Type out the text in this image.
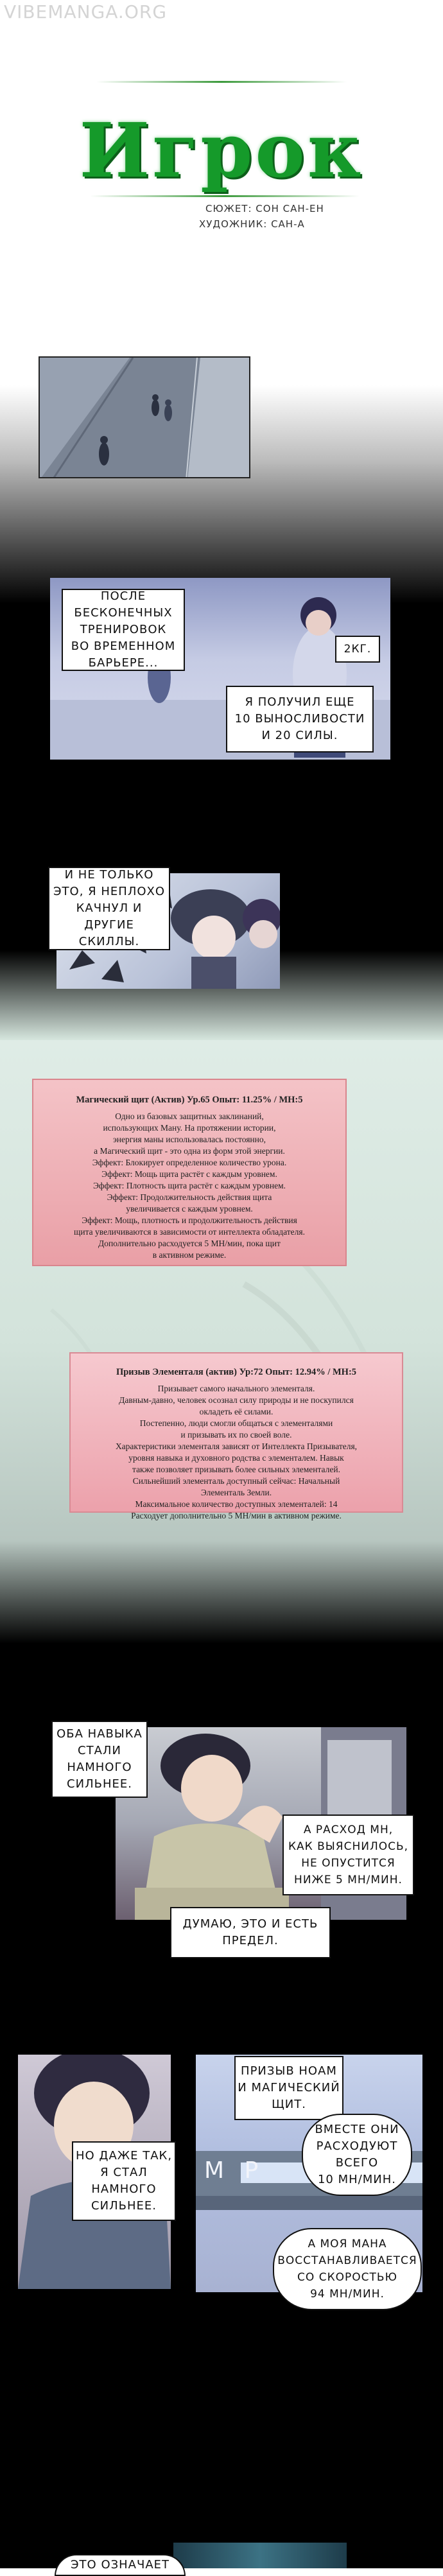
VIBEMANGA.ORG
Игрок
СЮЖЕТ: СОН САН-ЕН
ХУДОЖНИК: САН-А
ПОСЛЕ БЕСКОНЕЧНЫХ
ТРЕНИРОВОК
ВО ВРЕМЕННОМ
БАРЬЕРЕ...
2КГ.
Я ПОЛУЧИЛ ЕЩЕ
10 ВЫНОСЛИВОСТИ
И 20 СИЛЫ.
И НЕ ТОЛЬКО
ЭТО, Я НЕПЛОХО
КАЧНУЛ И ДРУГИЕ
СКИЛЛЫ.
Магический щит (Актив) Ур.65 Опыт: 11.25% / МН:5
Одно из базовых защитных заклинаний,
использующих Ману. На протяжении истории,
энергия маны использовалась постоянно,
а Магический щит - это одна из форм этой энергии.
Эффект: Блокирует определенное количество урона.
Эффект: Мощь щита растёт с каждым уровнем.
Эффект: Плотность щита растёт с каждым уровнем.
Эффект: Продолжительность действия щита
увеличивается с каждым уровнем.
Эффект: Мощь, плотность и продолжительность действия
щита увеличиваются в зависимости от интеллекта обладателя.
Дополнительно расходуется 5 МН/мин, пока щит
в активном режиме.
Призыв Элементаля (актив) Ур:72 Опыт: 12.94% / МН:5
Призывает самого начального элементаля.
Давным-давно, человек осознал силу природы и не поскупился
окладеть её силами.
Постепенно, люди смогли общаться с элементалями
и призывать их по своей воле.
Характеристики элементаля зависят от Интеллекта Призывателя,
уровня навыка и духовного родства с элементалем. Навык
также позволяет призывать более сильных элементалей.
Сильнейший элементаль доступный сейчас: Начальный
Элементаль Земли.
Максимальное количество доступных элементалей: 14
Расходует дополнительно 5 МН/мин в активном режиме.
ОБА НАВЫКА
СТАЛИ
НАМНОГО
СИЛЬНЕЕ.
А РАСХОД МН,
КАК ВЫЯСНИЛОСЬ,
НЕ ОПУСТИТСЯ
НИЖЕ 5 МН/МИН.
ДУМАЮ, ЭТО И ЕСТЬ
ПРЕДЕЛ.
НО ДАЖЕ ТАК,
Я СТАЛ
НАМНОГО
СИЛЬНЕЕ.
M P
ПРИЗЫВ НОАМ
И МАГИЧЕСКИЙ
ЩИТ.
ВМЕСТЕ ОНИ
РАСХОДУЮТ
ВСЕГО
10 МН/МИН.
А МОЯ МАНА
ВОССТАНАВЛИВАЕТСЯ
СО СКОРОСТЬЮ
94 МН/МИН.
ЭТО ОЗНАЧАЕТ
